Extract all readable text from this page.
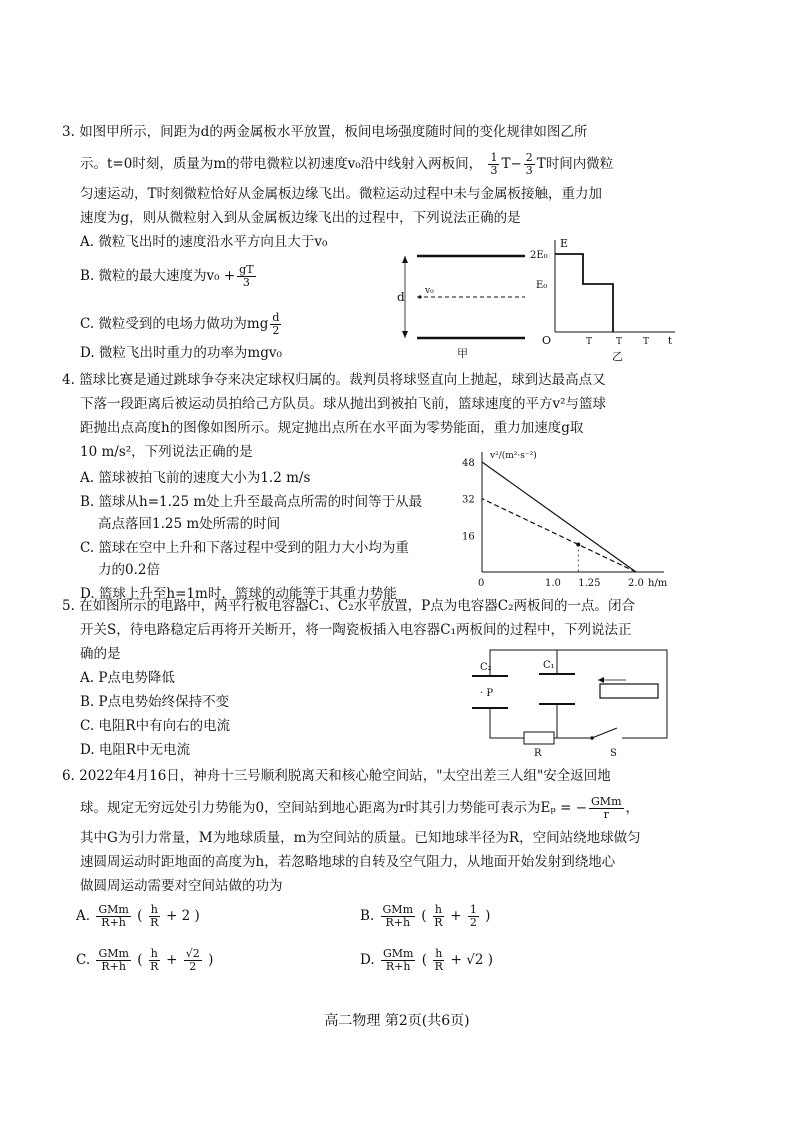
3. 如图甲所示，间距为d的两金属板水平放置，板间电场强度随时间的变化规律如图乙所
示。t=0时刻，质量为m的带电微粒以初速度v₀沿中线射入两板间， $\frac{1}{3} T- \frac{2}{3}$ T时间内微粒
匀速运动，T时刻微粒恰好从金属板边缘飞出。微粒运动过程中未与金属板接触，重力加
速度为g，则从微粒射入到从金属板边缘飞出的过程中，下列说法正确的是
A. 微粒飞出时的速度沿水平方向且大于v₀
B. 微粒的最大速度为$v_0 + \frac{gT}{3}$
C. 微粒受到的电场力做功为mg $\frac{d}{2}$
D. 微粒飞出时重力的功率为mgv₀
d v₀
甲
E
2E₀
E₀
O	T	T T t
乙
4. 篮球比赛是通过跳球争夺来决定球权归属的。裁判员将球竖直向上抛起，球到达最高点又
下落一段距离后被运动员拍给己方队员。球从抛出到被拍飞前，篮球速度的平方v²与篮球
距抛出点高度h的图像如图所示。规定抛出点所在水平面为零势能面，重力加速度g取
10 m/s²，下列说法正确的是
A. 篮球被拍飞前的速度大小为1.2 m/s
B. 篮球从h=1.25 m处上升至最高点所需的时间等于从最
高点落回1.25 m处所需的时间
C. 篮球在空中上升和下落过程中受到的阻力大小均为重
力的0.2倍
D. 篮球上升至h=1m时，篮球的动能等于其重力势能
v²/(m²·s⁻²)
h/m
16
32
48
0	1.0 1.25	2.0
5. 在如图所示的电路中，两平行板电容器C₁、C₂水平放置，P点为电容器C₂两板间的一点。闭合
开关S，待电路稳定后再将开关断开，将一陶瓷板插入电容器C₁两板间的过程中，下列说法正
确的是
A. P点电势降低
B. P点电势始终保持不变
C. 电阻R中有向右的电流
D. 电阻R中无电流
C₂	C₁
· P
R	S
6. 2022年4月16日，神舟十三号顺利脱离天和核心舱空间站，"太空出差三人组"安全返回地
球。规定无穷远处引力势能为0，空间站到地心距离为r时其引力势能可表示为Eₚ = − $\frac{\text{GMm}}{r}$ ，
其中G为引力常量，M为地球质量，m为空间站的质量。已知地球半径为R，空间站绕地球做匀
速圆周运动时距地面的高度为h，若忽略地球的自转及空气阻力，从地面开始发射到绕地心
做圆周运动需要对空间站做的功为
A. $\frac{\text{GMm}}{R+h}$ ( $\frac{h}{R} + 2$ )	B. $\frac{\text{GMm}}{R+h}$ ( $\frac{h}{R} + \frac{1}{2}$ )
C. $\frac{\text{GMm}}{R+h}$ ( $\frac{h}{R} + \frac{√2}{2}$ )	D. $\frac{\text{GMm}}{R+h}$ ( $\frac{h}{R} + √2$ )
高二物理 第2页(共6页)
